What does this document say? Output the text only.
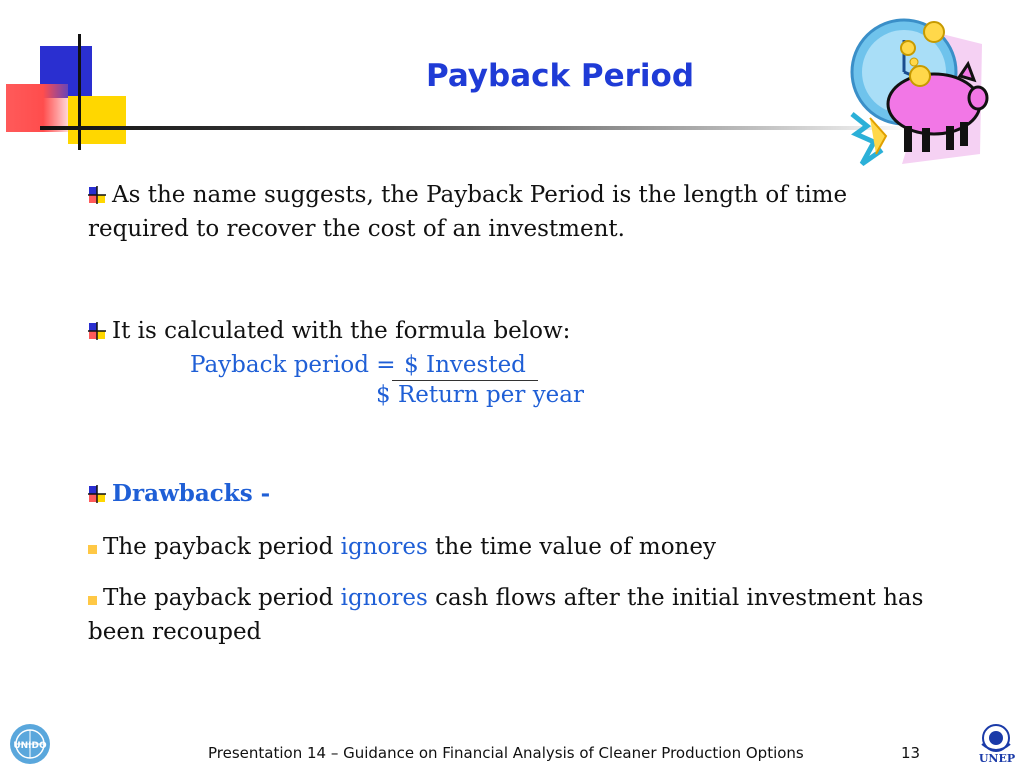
Payback Period
As the name suggests, the Payback Period is the length of time required to recover the cost of an investment.
It is calculated with the formula below:
Payback period = $ Invested
$ Return per year
Drawbacks -
The payback period ignores the time value of money
The payback period ignores cash flows after the initial investment has been recouped
UNIDO	Presentation 14 – Guidance on Financial Analysis of Cleaner Production Options	13	UNEP
